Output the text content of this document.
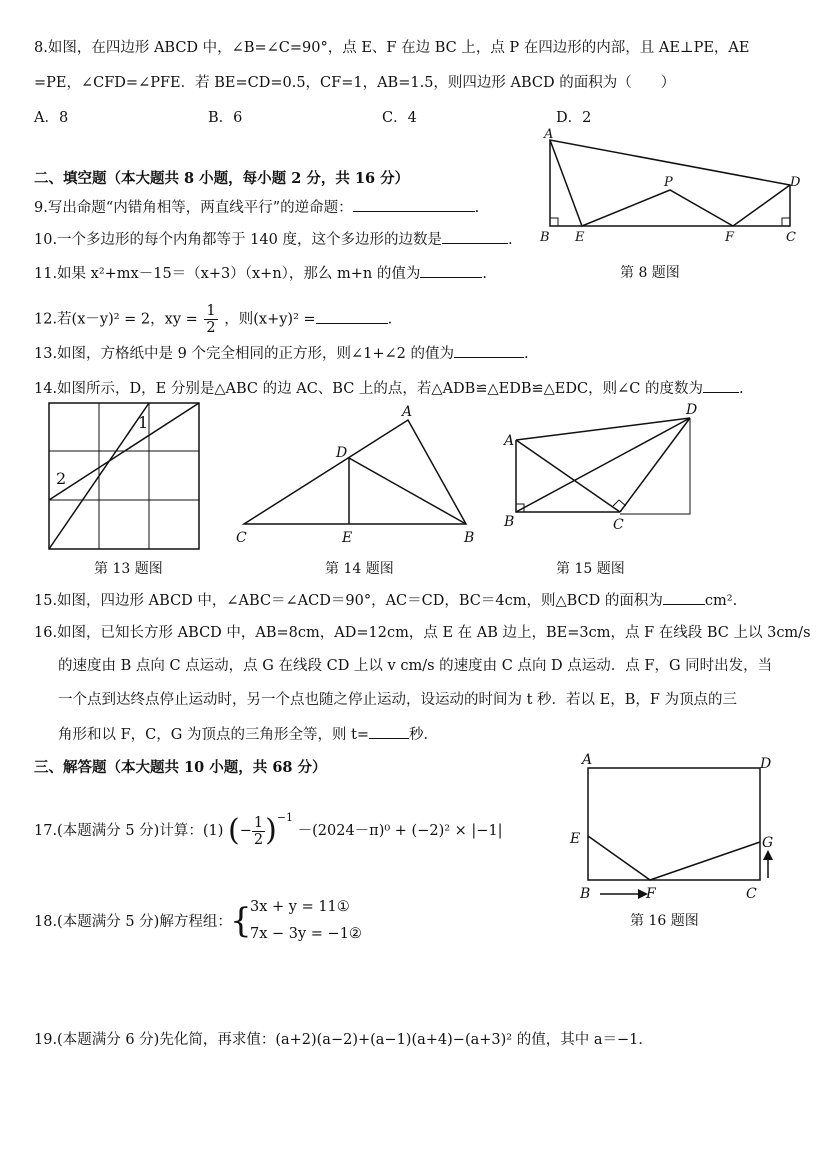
8.如图，在四边形 ABCD 中，∠B=∠C=90°，点 E、F 在边 BC 上，点 P 在四边形的内部，且 AE⊥PE，AE
=PE，∠CFD=∠PFE．若 BE=CD=0.5，CF=1，AB=1.5，则四边形 ABCD 的面积为（　　）
A．8	B．6	C．4	D．2
A
B E
P
F
D
C
第 8 题图
二、填空题（本大题共 8 小题，每小题 2 分，共 16 分）
9.写出命题“内错角相等，两直线平行”的逆命题：	.
10.一个多边形的每个内角都等于 140 度，这个多边形的边数是	.
11.如果 x²+mx－15＝（x+3）（x+n），那么 m+n 的值为	.
12.若(x－y)² = 2，xy = $\frac{1}{2}$ ，则(x+y)² =	.
13.如图，方格纸中是 9 个完全相同的正方形，则∠1+∠2 的值为	.
14.如图所示，D，E 分别是△ABC 的边 AC、BC 上的点，若△ADB≌△EDB≌△EDC，则∠C 的度数为 .
1
2
第 13 题图
A
D
C	E	B
第 14 题图
A
B	C
D
第 15 题图
15.如图，四边形 ABCD 中，∠ABC＝∠ACD＝90°，AC＝CD，BC＝4cm，则△BCD 的面积为	cm².
16.如图，已知长方形 ABCD 中，AB=8cm，AD=12cm，点 E 在 AB 边上，BE=3cm，点 F 在线段 BC 上以 3cm/s
的速度由 B 点向 C 点运动，点 G 在线段 CD 上以 v cm/s 的速度由 C 点向 D 点运动．点 F，G 同时出发，当
一个点到达终点停止运动时，另一个点也随之停止运动，设运动的时间为 t 秒．若以 E，B，F 为顶点的三
角形和以 F，C，G 为顶点的三角形全等，则 t=	秒．
三、解答题（本大题共 10 小题，共 68 分）	A	D
E	G
B	F	C
第 16 题图
17.(本题满分 5 分)计算：(1) (− $\frac{1}{2} )^{-1} -(2024-\pi)^0 + (-2)^2 \times |-1|$
18.(本题满分 5 分)解方程组：
{
3x + y = 11①
7x − 3y = −1②
19.(本题满分 6 分)先化简，再求值：(a+2)(a−2)+(a−1)(a+4)−(a+3)² 的值，其中 a＝−1．
